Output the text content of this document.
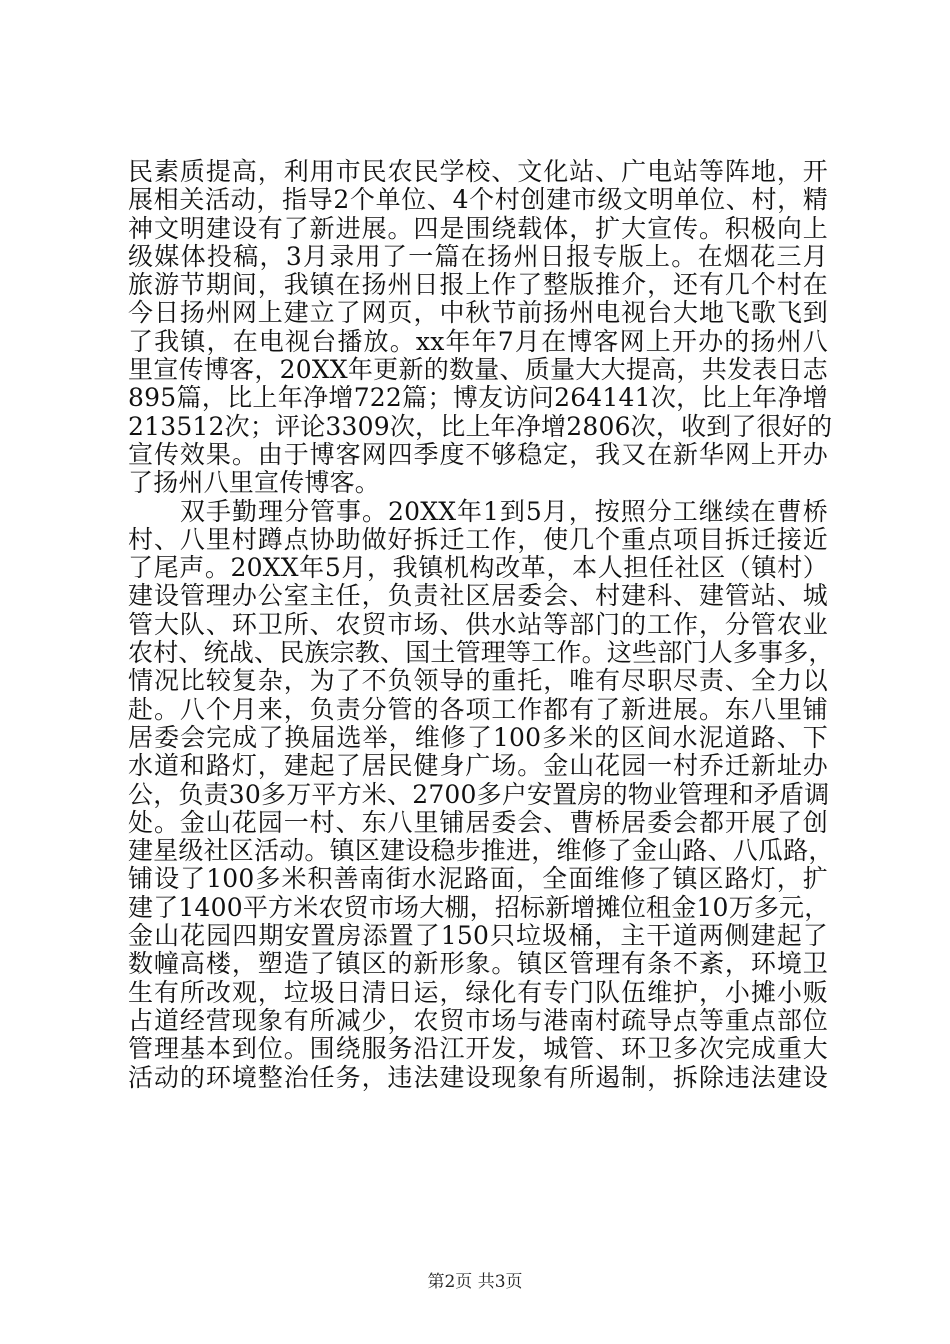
民素质提高，利用市民农民学校、文化站、广电站等阵地，开
展相关活动，指导2个单位、4个村创建市级文明单位、村，精
神文明建设有了新进展。四是围绕载体，扩大宣传。积极向上
级媒体投稿，3月录用了一篇在扬州日报专版上。在烟花三月
旅游节期间，我镇在扬州日报上作了整版推介，还有几个村在
今日扬州网上建立了网页，中秋节前扬州电视台大地飞歌飞到
了我镇，在电视台播放。xx年年7月在博客网上开办的扬州八
里宣传博客，20XX年更新的数量、质量大大提高，共发表日志
895篇，比上年净增722篇；博友访问264141次，比上年净增
213512次；评论3309次，比上年净增2806次，收到了很好的
宣传效果。由于博客网四季度不够稳定，我又在新华网上开办
了扬州八里宣传博客。
　　双手勤理分管事。20XX年1到5月，按照分工继续在曹桥
村、八里村蹲点协助做好拆迁工作，使几个重点项目拆迁接近
了尾声。20XX年5月，我镇机构改革，本人担任社区（镇村）
建设管理办公室主任，负责社区居委会、村建科、建管站、城
管大队、环卫所、农贸市场、供水站等部门的工作，分管农业
农村、统战、民族宗教、国土管理等工作。这些部门人多事多，
情况比较复杂，为了不负领导的重托，唯有尽职尽责、全力以
赴。八个月来，负责分管的各项工作都有了新进展。东八里铺
居委会完成了换届选举，维修了100多米的区间水泥道路、下
水道和路灯，建起了居民健身广场。金山花园一村乔迁新址办
公，负责30多万平方米、2700多户安置房的物业管理和矛盾调
处。金山花园一村、东八里铺居委会、曹桥居委会都开展了创
建星级社区活动。镇区建设稳步推进，维修了金山路、八瓜路，
铺设了100多米积善南街水泥路面，全面维修了镇区路灯，扩
建了1400平方米农贸市场大棚，招标新增摊位租金10万多元，
金山花园四期安置房添置了150只垃圾桶，主干道两侧建起了
数幢高楼，塑造了镇区的新形象。镇区管理有条不紊，环境卫
生有所改观，垃圾日清日运，绿化有专门队伍维护，小摊小贩
占道经营现象有所减少，农贸市场与港南村疏导点等重点部位
管理基本到位。围绕服务沿江开发，城管、环卫多次完成重大
活动的环境整治任务，违法建设现象有所遏制，拆除违法建设
第2页 共3页
